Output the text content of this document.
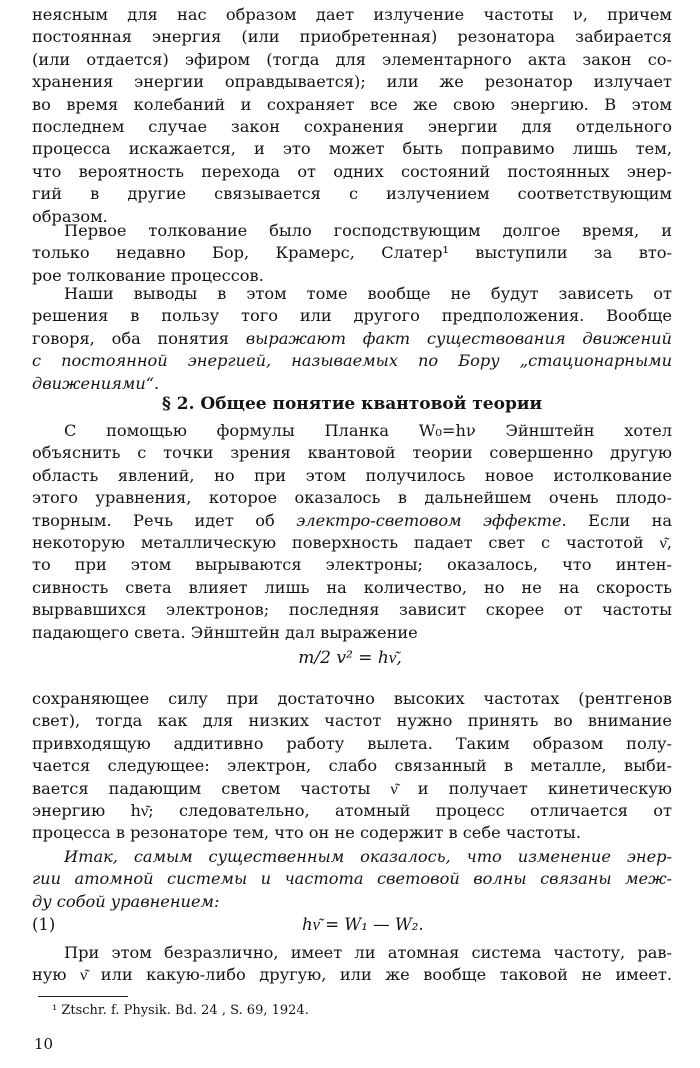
неясным для нас образом дает излучение частоты ν, причем
постоянная энергия (или приобретенная) резонатора забирается
(или отдается) эфиром (тогда для элементарного акта закон со-
хранения энергии оправдывается); или же резонатор излучает
во время колебаний и сохраняет все же свою энергию. В этом
последнем случае закон сохранения энергии для отдельного
процесса искажается, и это может быть поправимо лишь тем,
что вероятность перехода от одних состояний постоянных энер-
гий в другие связывается с излучением соответствующим
образом.

Первое толкование было господствующим долгое время, и
только недавно Бор, Крамерс, Слатер¹ выступили за вто-
рое толкование процессов.

Наши выводы в этом томе вообще не будут зависеть от
решения в пользу того или другого предположения. Вообще
говоря, оба понятия выражают факт существования движений
с постоянной энергией, называемых по Бору „стационарными
движениями“.

§ 2. Общее понятие квантовой теории

С помощью формулы Планка W₀=hν Эйнштейн хотел
объяснить с точки зрения квантовой теории совершенно другую
область явлений, но при этом получилось новое истолкование
этого уравнения, которое оказалось в дальнейшем очень плодо-
творным. Речь идет об электро-световом эффекте. Если на
некоторую металлическую поверхность падает свет с частотой ν͂,
то при этом вырываются электроны; оказалось, что интен-
сивность света влияет лишь на количество, но не на скорость
вырвавшихся электронов; последняя зависит скорее от частоты
падающего света. Эйнштейн дал выражение

m/2 v² = hν͂,

сохраняющее силу при достаточно высоких частотах (рентгенов
свет), тогда как для низких частот нужно принять во внимание
привходящую аддитивно работу вылета. Таким образом полу-
чается следующее: электрон, слабо связанный в металле, выби-
вается падающим светом частоты ν͂ и получает кинетическую
энергию hν͂; следовательно, атомный процесс отличается от
процесса в резонаторе тем, что он не содержит в себе частоты.

Итак, самым существенным оказалось, что изменение энер-
гии атомной системы и частота световой волны связаны меж-
ду собой уравнением:

(1)	hν͂ = W₁ — W₂.

При этом безразлично, имеет ли атомная система частоту, рав-
ную ν͂ или какую-либо другую, или же вообще таковой не имеет.

¹ Ztschr. f. Physik. Bd. 24 , S. 69, 1924.
10
